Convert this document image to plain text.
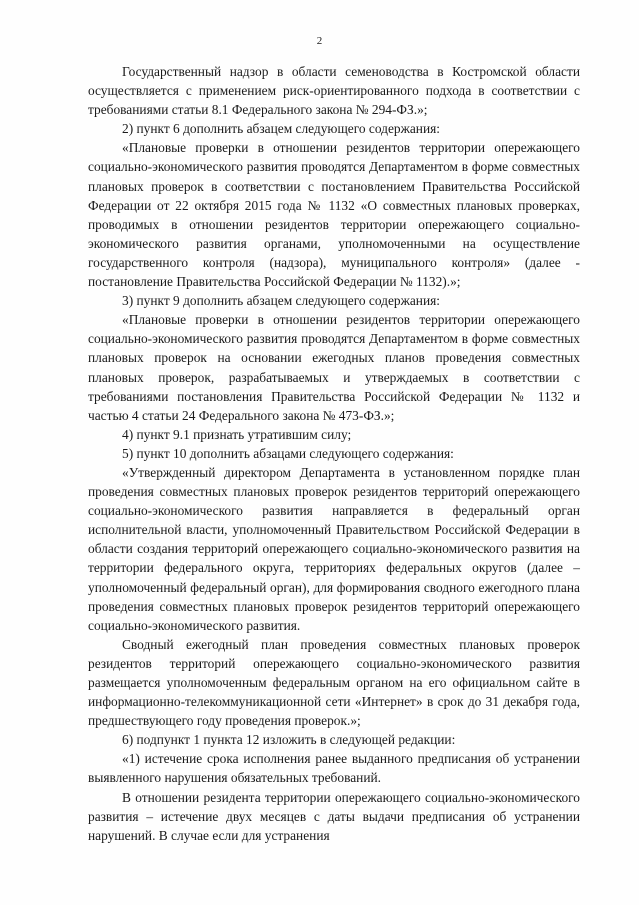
2

Государственный надзор в области семеноводства в Костромской области осуществляется с применением риск-ориентированного подхода в соответствии с требованиями статьи 8.1 Федерального закона № 294-ФЗ.»;

2) пункт 6 дополнить абзацем следующего содержания:

«Плановые проверки в отношении резидентов территории опережающего социально-экономического развития проводятся Департаментом в форме совместных плановых проверок в соответствии с постановлением Правительства Российской Федерации от 22 октября 2015 года № 1132 «О совместных плановых проверках, проводимых в отношении резидентов территории опережающего социально-экономического развития органами, уполномоченными на осуществление государственного контроля (надзора), муниципального контроля» (далее - постановление Правительства Российской Федерации № 1132).»;

3) пункт 9 дополнить абзацем следующего содержания:

«Плановые проверки в отношении резидентов территории опережающего социально-экономического развития проводятся Департаментом в форме совместных плановых проверок на основании ежегодных планов проведения совместных плановых проверок, разрабатываемых и утверждаемых в соответствии с требованиями постановления Правительства Российской Федерации № 1132 и частью 4 статьи 24 Федерального закона № 473-ФЗ.»;

4) пункт 9.1 признать утратившим силу;

5) пункт 10 дополнить абзацами следующего содержания:

«Утвержденный директором Департамента в установленном порядке план проведения совместных плановых проверок резидентов территорий опережающего социально-экономического развития направляется в федеральный орган исполнительной власти, уполномоченный Правительством Российской Федерации в области создания территорий опережающего социально-экономического развития на территории федерального округа, территориях федеральных округов (далее – уполномоченный федеральный орган), для формирования сводного ежегодного плана проведения совместных плановых проверок резидентов территорий опережающего социально-экономического развития.

Сводный ежегодный план проведения совместных плановых проверок резидентов территорий опережающего социально-экономического развития размещается уполномоченным федеральным органом на его официальном сайте в информационно-телекоммуникационной сети «Интернет» в срок до 31 декабря года, предшествующего году проведения проверок.»;

6) подпункт 1 пункта 12 изложить в следующей редакции:

«1) истечение срока исполнения ранее выданного предписания об устранении выявленного нарушения обязательных требований.

В отношении резидента территории опережающего социально-экономического развития – истечение двух месяцев с даты выдачи предписания об устранении нарушений. В случае если для устранения
